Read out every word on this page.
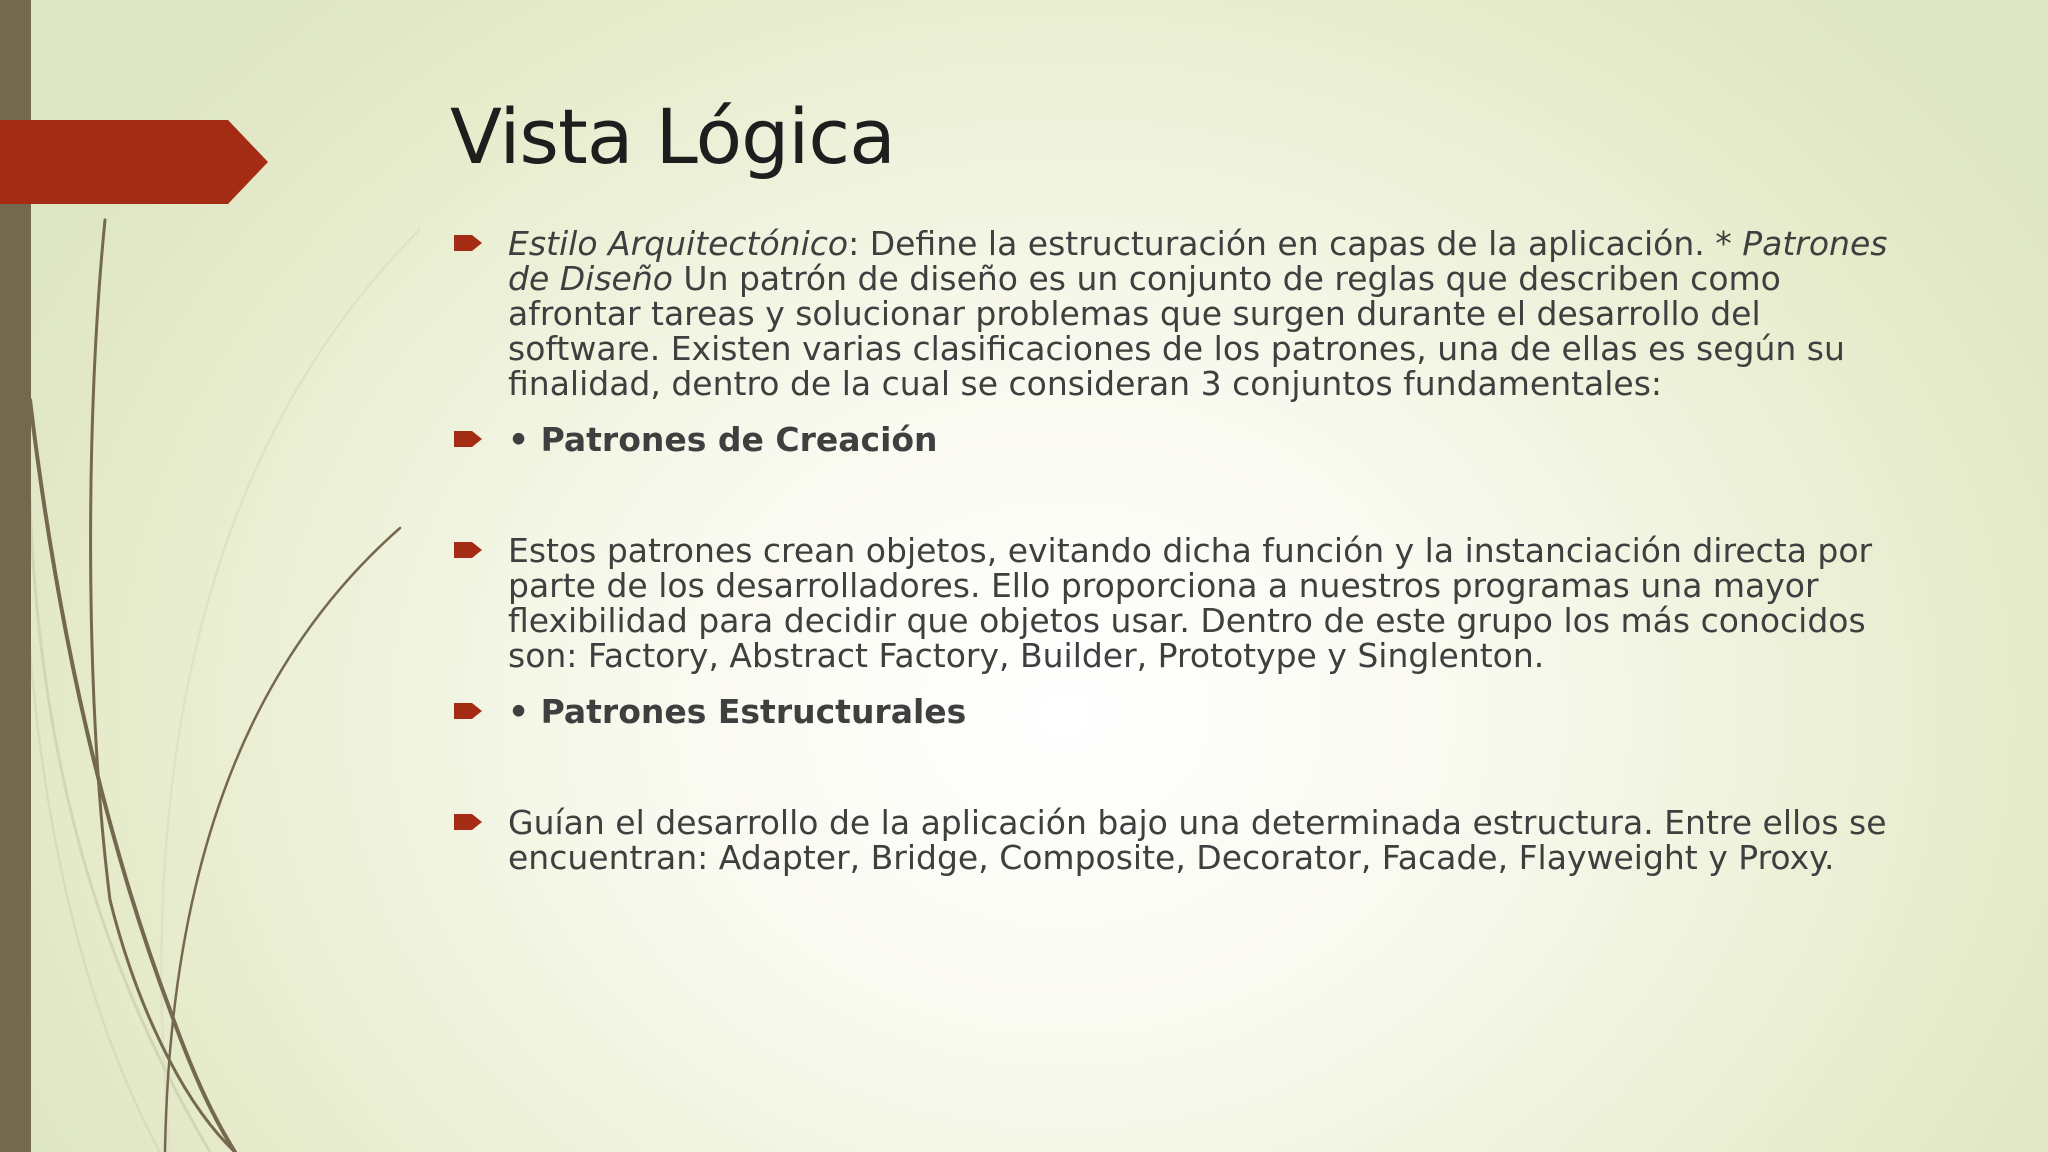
Vista Lógica
Estilo Arquitectónico: Define la estructuración en capas de la aplicación. * Patrones de Diseño Un patrón de diseño es un conjunto de reglas que describen como afrontar tareas y solucionar problemas que surgen durante el desarrollo del software. Existen varias clasificaciones de los patrones, una de ellas es según su finalidad, dentro de la cual se consideran 3 conjuntos fundamentales:
• Patrones de Creación
Estos patrones crean objetos, evitando dicha función y la instanciación directa por parte de los desarrolladores. Ello proporciona a nuestros programas una mayor flexibilidad para decidir que objetos usar. Dentro de este grupo los más conocidos son: Factory, Abstract Factory, Builder, Prototype y Singlenton.
• Patrones Estructurales
Guían el desarrollo de la aplicación bajo una determinada estructura. Entre ellos se encuentran: Adapter, Bridge, Composite, Decorator, Facade, Flayweight y Proxy.
